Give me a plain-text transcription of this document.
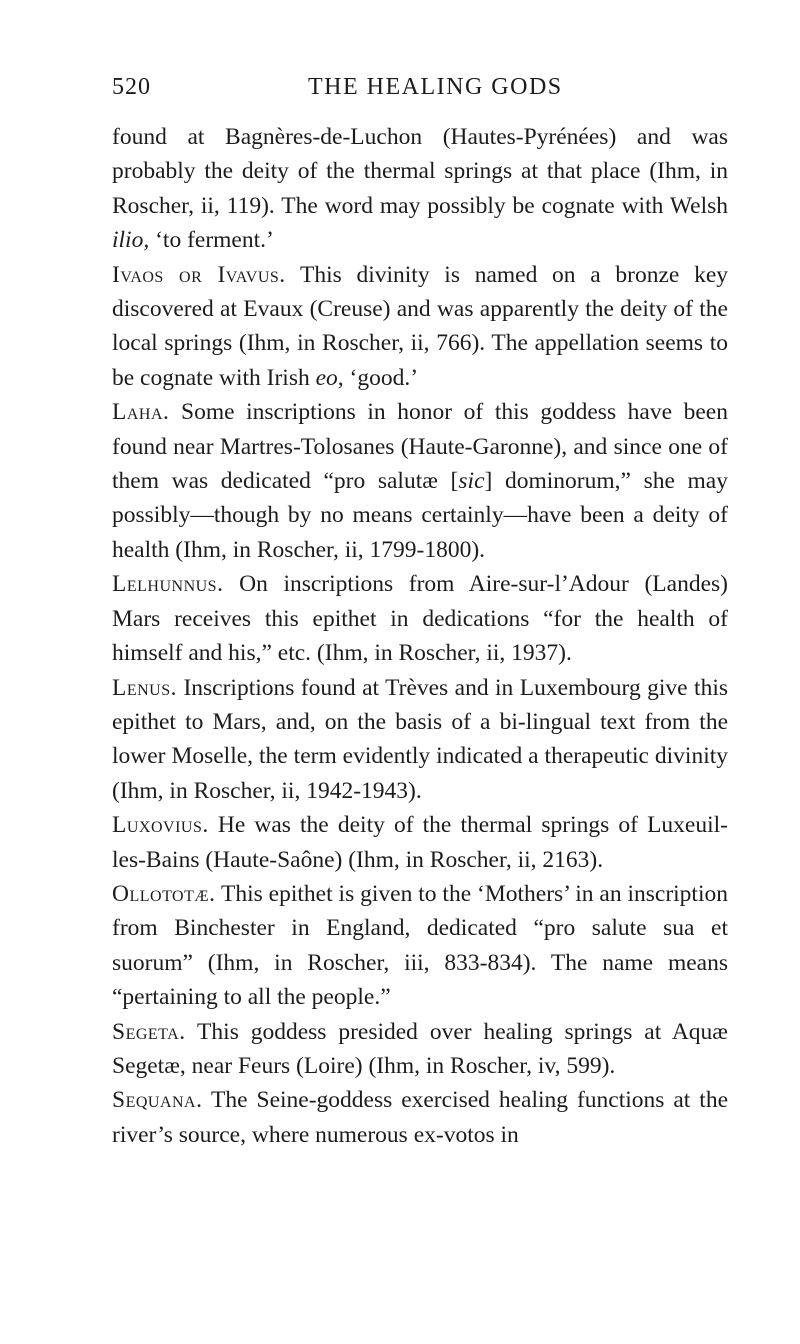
520	THE HEALING GODS

found at Bagnères-de-Luchon (Hautes-Pyrénées) and was probably the deity of the thermal springs at that place (Ihm, in Roscher, ii, 119). The word may possibly be cognate with Welsh ilio, ‘to ferment.’

Ivaos or Ivavus. This divinity is named on a bronze key discovered at Evaux (Creuse) and was apparently the deity of the local springs (Ihm, in Roscher, ii, 766). The appellation seems to be cognate with Irish eo, ‘good.’

Laha. Some inscriptions in honor of this goddess have been found near Martres-Tolosanes (Haute-Garonne), and since one of them was dedicated “pro salutæ [sic] dominorum,” she may possibly—though by no means certainly—have been a deity of health (Ihm, in Roscher, ii, 1799-1800).

Lelhunnus. On inscriptions from Aire-sur-l’Adour (Landes) Mars receives this epithet in dedications “for the health of himself and his,” etc. (Ihm, in Roscher, ii, 1937).

Lenus. Inscriptions found at Trèves and in Luxembourg give this epithet to Mars, and, on the basis of a bi-lingual text from the lower Moselle, the term evidently indicated a therapeutic divinity (Ihm, in Roscher, ii, 1942-1943).

Luxovius. He was the deity of the thermal springs of Luxeuil-les-Bains (Haute-Saône) (Ihm, in Roscher, ii, 2163).

Ollototæ. This epithet is given to the ‘Mothers’ in an inscription from Binchester in England, dedicated “pro salute sua et suorum” (Ihm, in Roscher, iii, 833-834). The name means “pertaining to all the people.”

Segeta. This goddess presided over healing springs at Aquæ Segetæ, near Feurs (Loire) (Ihm, in Roscher, iv, 599).

Sequana. The Seine-goddess exercised healing functions at the river’s source, where numerous ex-votos in
